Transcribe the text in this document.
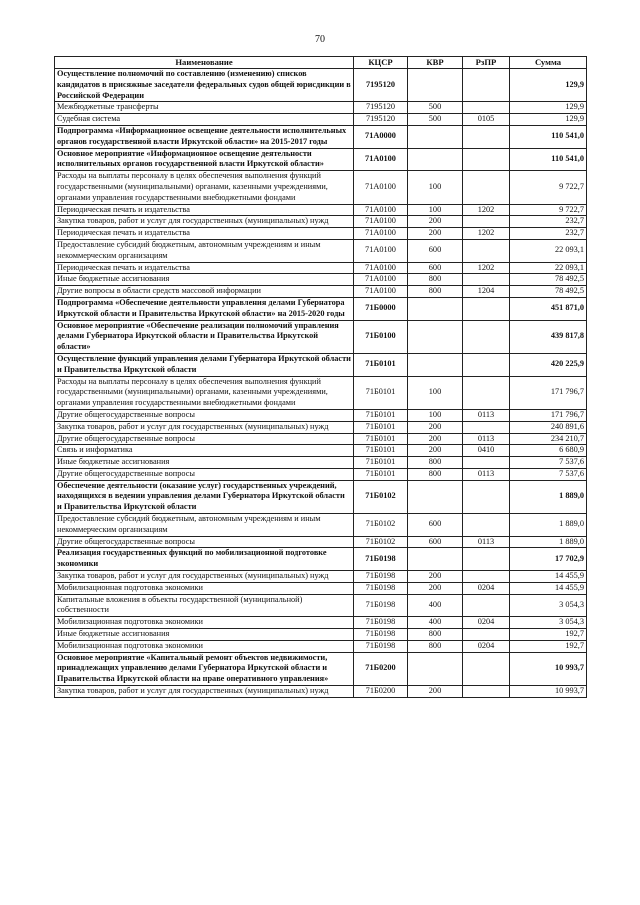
70
Наименование	КЦСР	КВР	РзПР	Сумма
Осуществление полномочий по составлению (изменению) списков кандидатов в присяжные заседатели федеральных судов общей юрисдикции в Российской Федерации	7195120			129,9
Межбюджетные трансферты	7195120	500		129,9
Судебная система	7195120	500	0105	129,9
Подпрограмма «Информационное освещение деятельности исполнительных органов государственной власти Иркутской области» на 2015-2017 годы	71А0000			110 541,0
Основное мероприятие «Информационное освещение деятельности исполнительных органов государственной власти Иркутской области»	71А0100			110 541,0
Расходы на выплаты персоналу в целях обеспечения выполнения функций государственными (муниципальными) органами, казенными учреждениями, органами управления государственными внебюджетными фондами	71А0100	100		9 722,7
Периодическая печать и издательства	71А0100	100	1202	9 722,7
Закупка товаров, работ и услуг для государственных (муниципальных) нужд	71А0100	200		232,7
Периодическая печать и издательства	71А0100	200	1202	232,7
Предоставление субсидий бюджетным, автономным учреждениям и иным некоммерческим организациям	71А0100	600		22 093,1
Периодическая печать и издательства	71А0100	600	1202	22 093,1
Иные бюджетные ассигнования	71А0100	800		78 492,5
Другие вопросы в области средств массовой информации	71А0100	800	1204	78 492,5
Подпрограмма «Обеспечение деятельности управления делами Губернатора Иркутской области и Правительства Иркутской области» на 2015-2020 годы	71Б0000			451 871,0
Основное мероприятие «Обеспечение реализации полномочий управления делами Губернатора Иркутской области и Правительства Иркутской области»	71Б0100			439 817,8
Осуществление функций управления делами Губернатора Иркутской области и Правительства Иркутской области	71Б0101			420 225,9
Расходы на выплаты персоналу в целях обеспечения выполнения функций государственными (муниципальными) органами, казенными учреждениями, органами управления государственными внебюджетными фондами	71Б0101	100		171 796,7
Другие общегосударственные вопросы	71Б0101	100	0113	171 796,7
Закупка товаров, работ и услуг для государственных (муниципальных) нужд	71Б0101	200		240 891,6
Другие общегосударственные вопросы	71Б0101	200	0113	234 210,7
Связь и информатика	71Б0101	200	0410	6 680,9
Иные бюджетные ассигнования	71Б0101	800		7 537,6
Другие общегосударственные вопросы	71Б0101	800	0113	7 537,6
Обеспечение деятельности (оказание услуг) государственных учреждений, находящихся в ведении управления делами Губернатора Иркутской области и Правительства Иркутской области	71Б0102			1 889,0
Предоставление субсидий бюджетным, автономным учреждениям и иным некоммерческим организациям	71Б0102	600		1 889,0
Другие общегосударственные вопросы	71Б0102	600	0113	1 889,0
Реализация государственных функций по мобилизационной подготовке экономики	71Б0198			17 702,9
Закупка товаров, работ и услуг для государственных (муниципальных) нужд	71Б0198	200		14 455,9
Мобилизационная подготовка экономики	71Б0198	200	0204	14 455,9
Капитальные вложения в объекты государственной (муниципальной) собственности	71Б0198	400		3 054,3
Мобилизационная подготовка экономики	71Б0198	400	0204	3 054,3
Иные бюджетные ассигнования	71Б0198	800		192,7
Мобилизационная подготовка экономики	71Б0198	800	0204	192,7
Основное мероприятие «Капитальный ремонт объектов недвижимости, принадлежащих управлению делами Губернатора Иркутской области и Правительства Иркутской области на праве оперативного управления»	71Б0200			10 993,7
Закупка товаров, работ и услуг для государственных (муниципальных) нужд	71Б0200	200		10 993,7
